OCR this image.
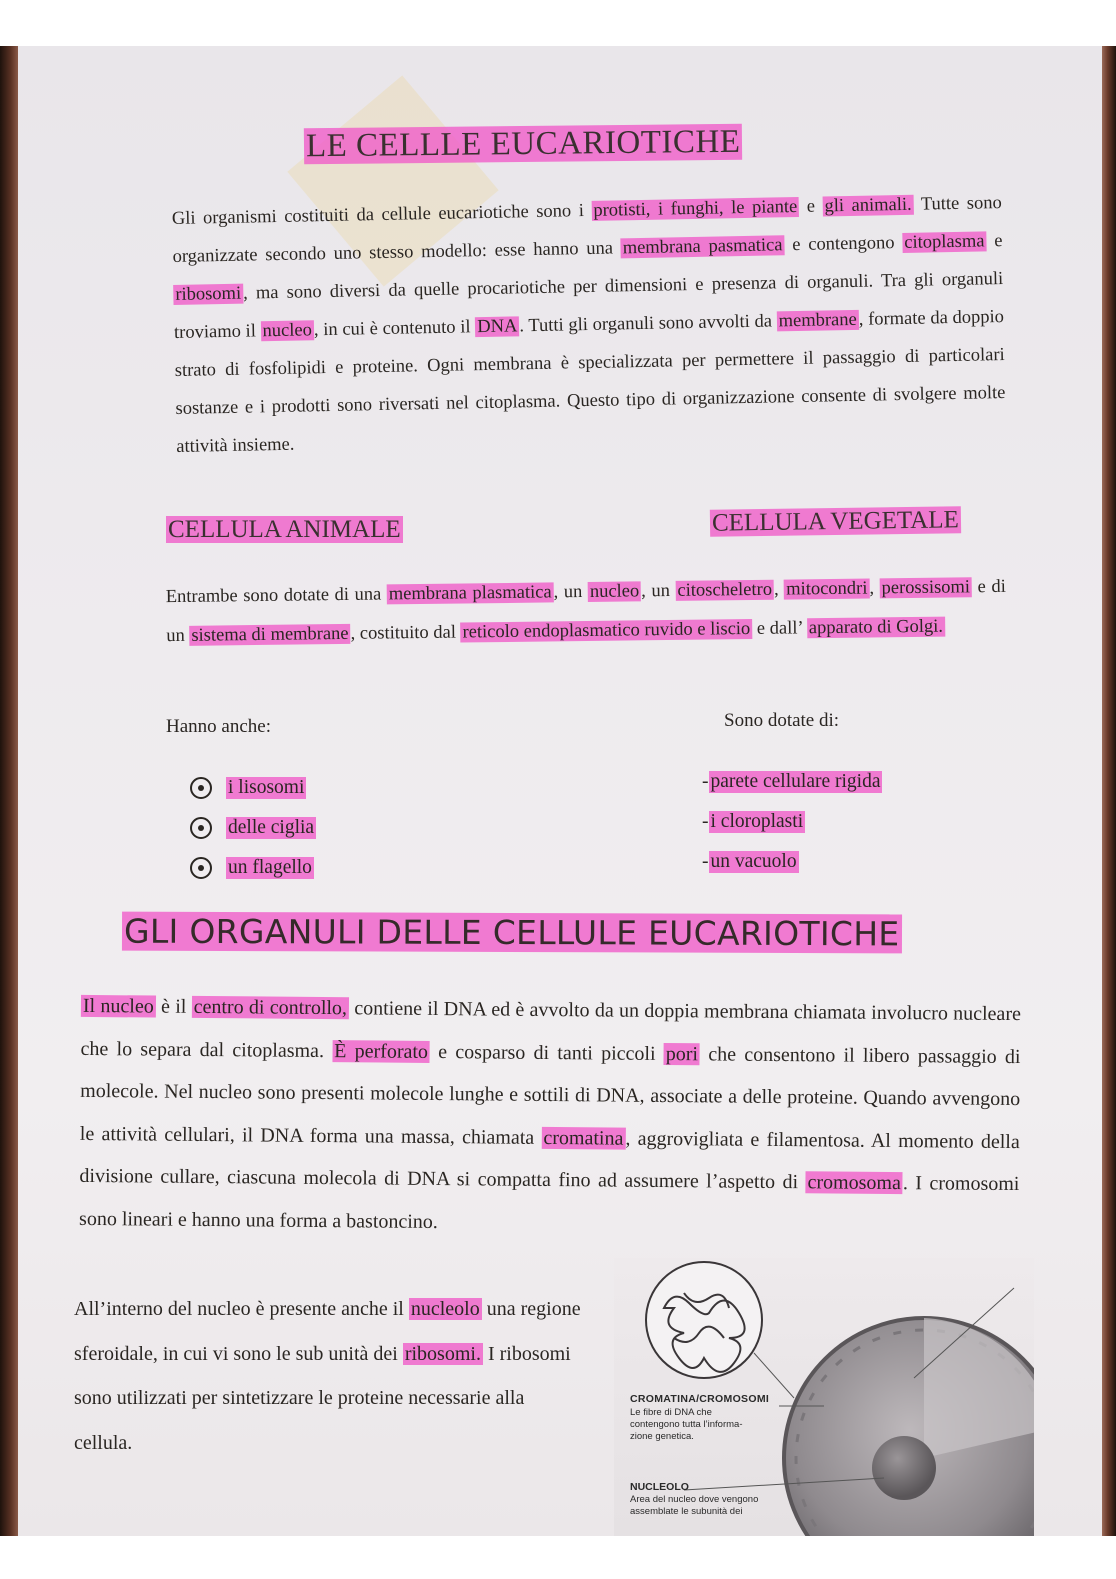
LE CELLLE EUCARIOTICHE
Gli organismi costituiti da cellule eucariotiche sono i protisti, i funghi, le piante e gli animali. Tutte sono organizzate secondo uno stesso modello: esse hanno una membrana pasmatica e contengono citoplasma e ribosomi, ma sono diversi da quelle procariotiche per dimensioni e presenza di organuli. Tra gli organuli troviamo il nucleo, in cui è contenuto il DNA. Tutti gli organuli sono avvolti da membrane, formate da doppio strato di fosfolipidi e proteine. Ogni membrana è specializzata per permettere il passaggio di particolari sostanze e i prodotti sono riversati nel citoplasma. Questo tipo di organizzazione consente di svolgere molte attività insieme.
CELLULA ANIMALE	CELLULA VEGETALE
Entrambe sono dotate di una membrana plasmatica, un nucleo, un citoscheletro, mitocondri, perossisomi e di un sistema di membrane, costituito dal reticolo endoplasmatico ruvido e liscio e dall’ apparato di Golgi.
Hanno anche:	Sono dotate di:
i lisosomi
delle ciglia
un flagello
- parete cellulare rigida
- i cloroplasti
- un vacuolo
GLI ORGANULI DELLE CELLULE EUCARIOTICHE
Il nucleo è il centro di controllo, contiene il DNA ed è avvolto da un doppia membrana chiamata involucro nucleare che lo separa dal citoplasma. È perforato e cosparso di tanti piccoli pori che consentono il libero passaggio di molecole. Nel nucleo sono presenti molecole lunghe e sottili di DNA, associate a delle proteine. Quando avvengono le attività cellulari, il DNA forma una massa, chiamata cromatina, aggrovigliata e filamentosa. Al momento della divisione cullare, ciascuna molecola di DNA si compatta fino ad assumere l’aspetto di cromosoma. I cromosomi sono lineari e hanno una forma a bastoncino.
All’interno del nucleo è presente anche il nucleolo una regione sferoidale, in cui vi sono le sub unità dei ribosomi. I ribosomi sono utilizzati per sintetizzare le proteine necessarie alla cellula.
CROMATINA/CROMOSOMI
Le fibre di DNA che contengono tutta l’informa-zione genetica.
NUCLEOLO
Area del nucleo dove vengono assemblate le subunità dei
